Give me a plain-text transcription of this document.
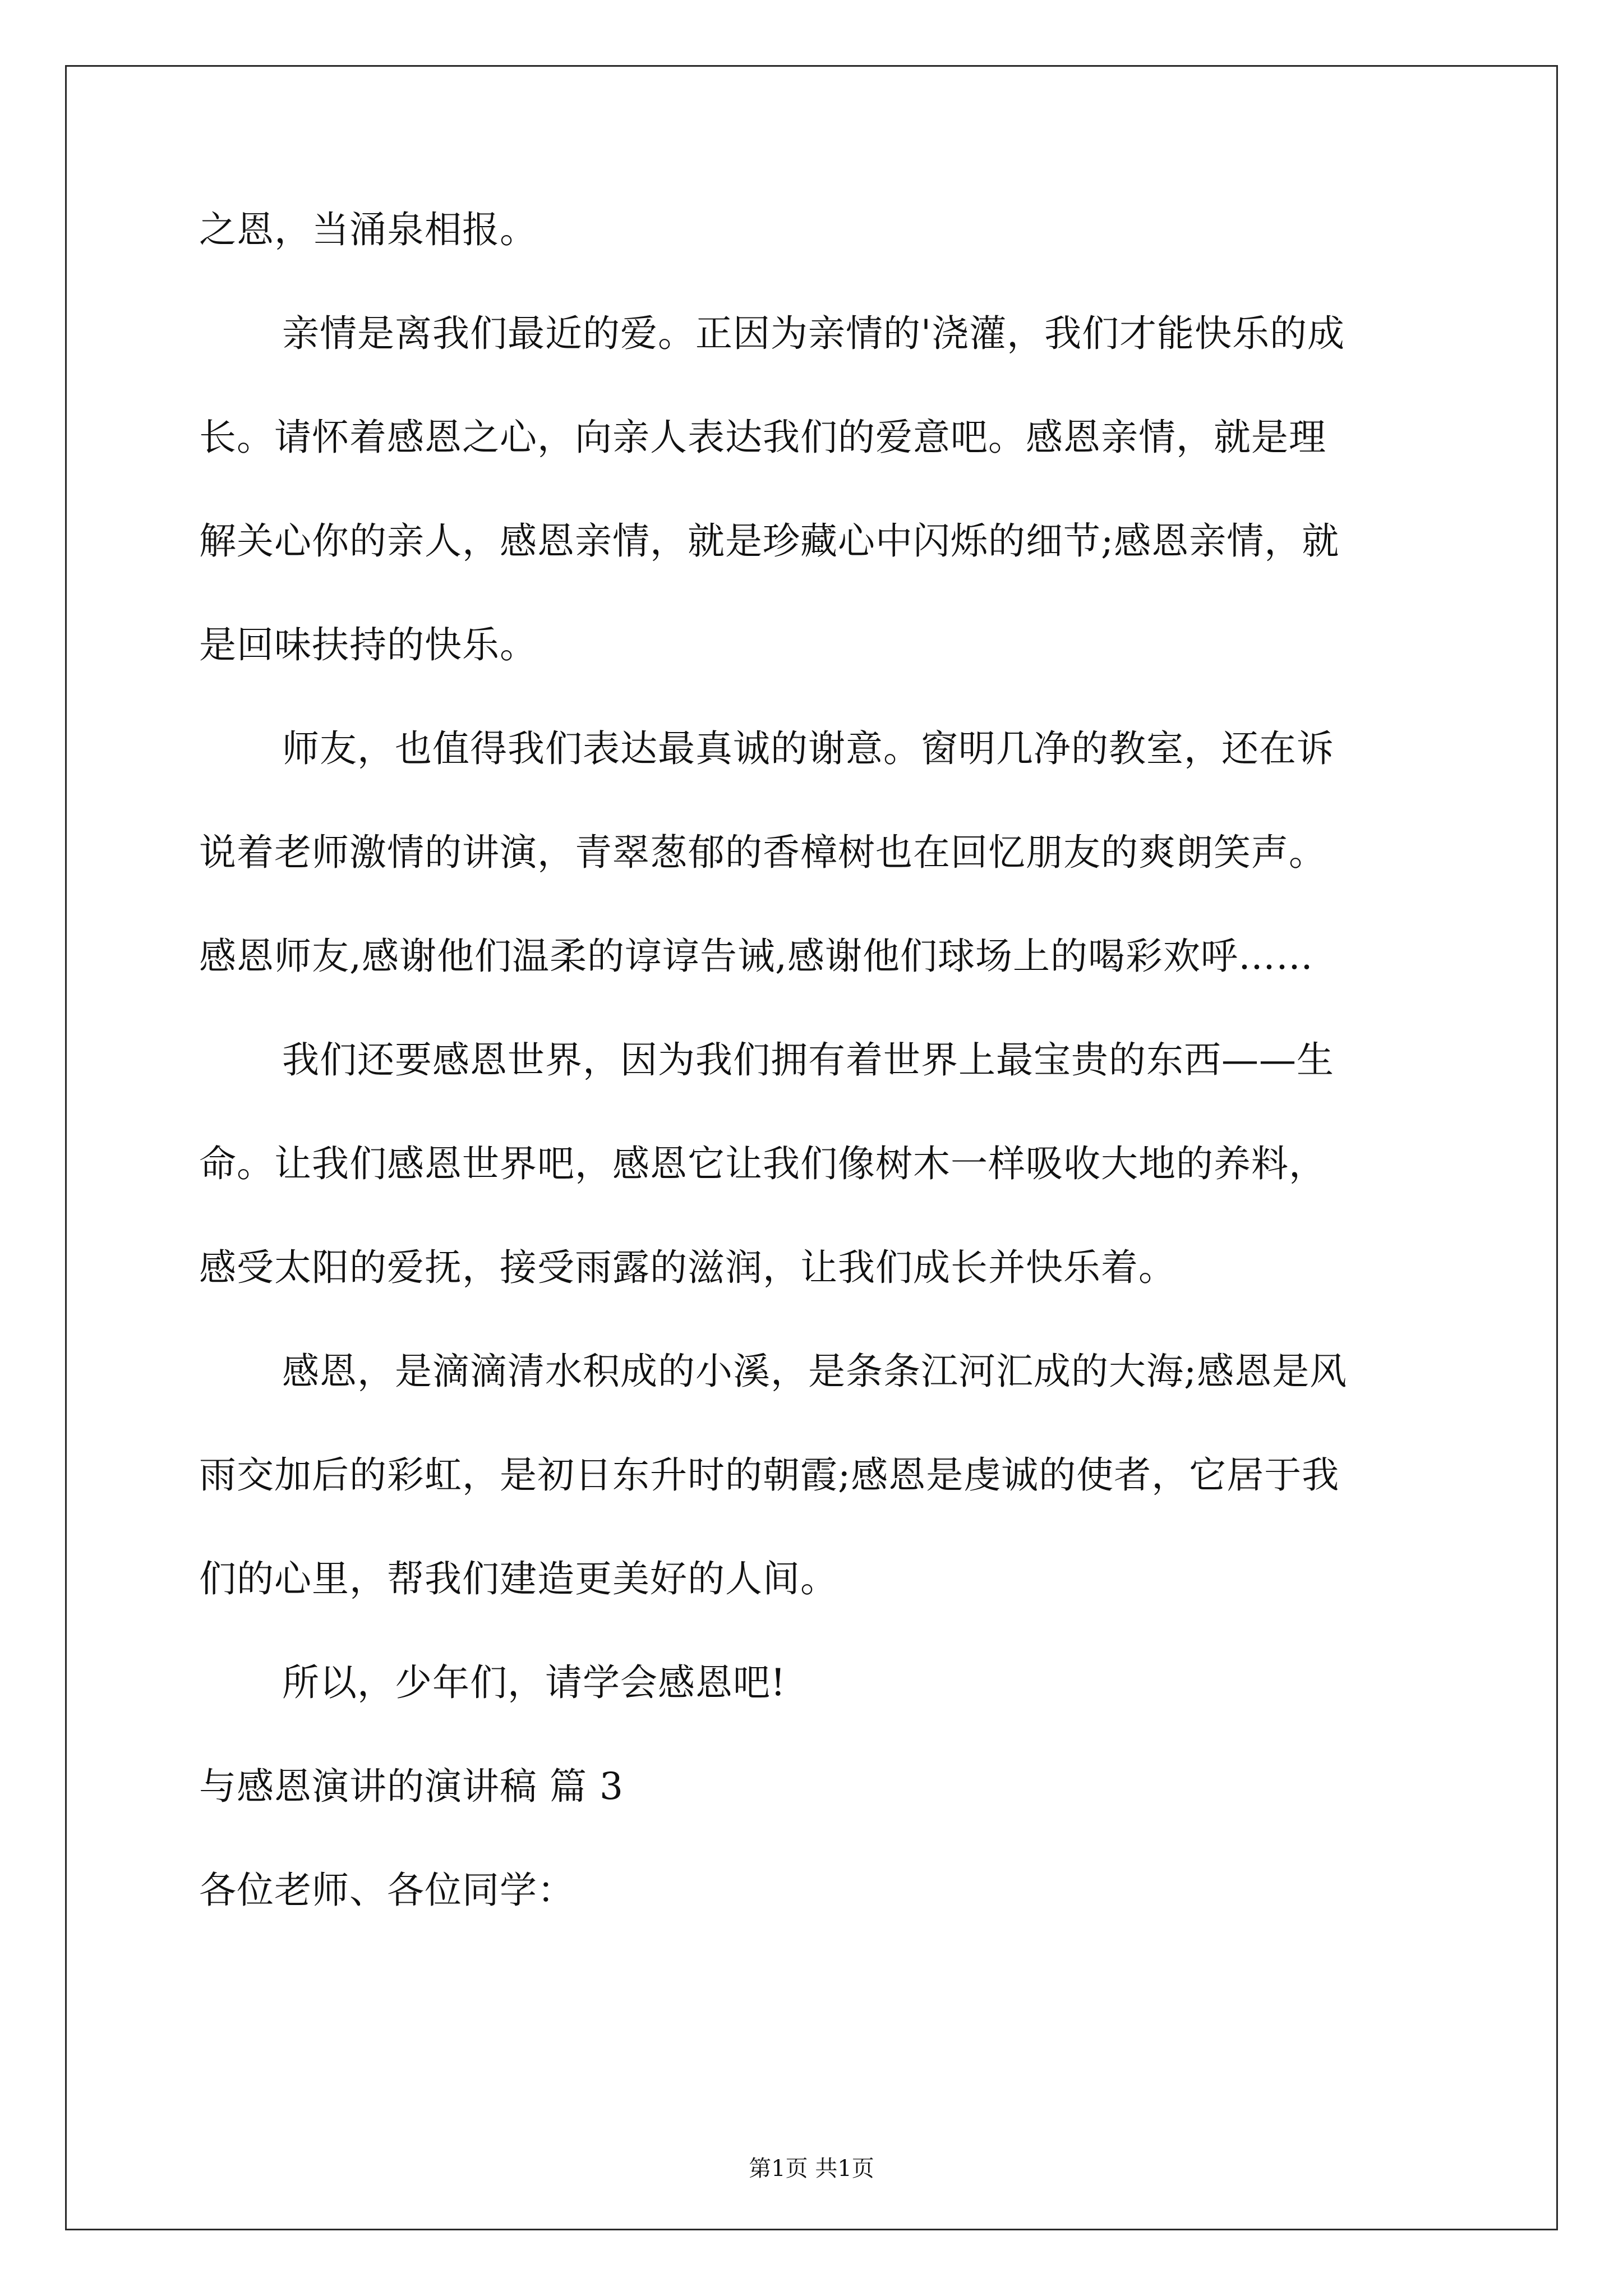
之恩，当涌泉相报。
亲情是离我们最近的爱。正因为亲情的'浇灌，我们才能快乐的成
长。请怀着感恩之心，向亲人表达我们的爱意吧。感恩亲情，就是理
解关心你的亲人，感恩亲情，就是珍藏心中闪烁的细节;感恩亲情，就
是回味扶持的快乐。
师友，也值得我们表达最真诚的谢意。窗明几净的教室，还在诉
说着老师激情的讲演，青翠葱郁的香樟树也在回忆朋友的爽朗笑声。
感恩师友,感谢他们温柔的谆谆告诫,感谢他们球场上的喝彩欢呼……
我们还要感恩世界，因为我们拥有着世界上最宝贵的东西——生
命。让我们感恩世界吧，感恩它让我们像树木一样吸收大地的养料，
感受太阳的爱抚，接受雨露的滋润，让我们成长并快乐着。
感恩，是滴滴清水积成的小溪，是条条江河汇成的大海;感恩是风
雨交加后的彩虹，是初日东升时的朝霞;感恩是虔诚的使者，它居于我
们的心里，帮我们建造更美好的人间。
所以，少年们，请学会感恩吧!
与感恩演讲的演讲稿 篇 3
各位老师、各位同学：
第1页 共1页
